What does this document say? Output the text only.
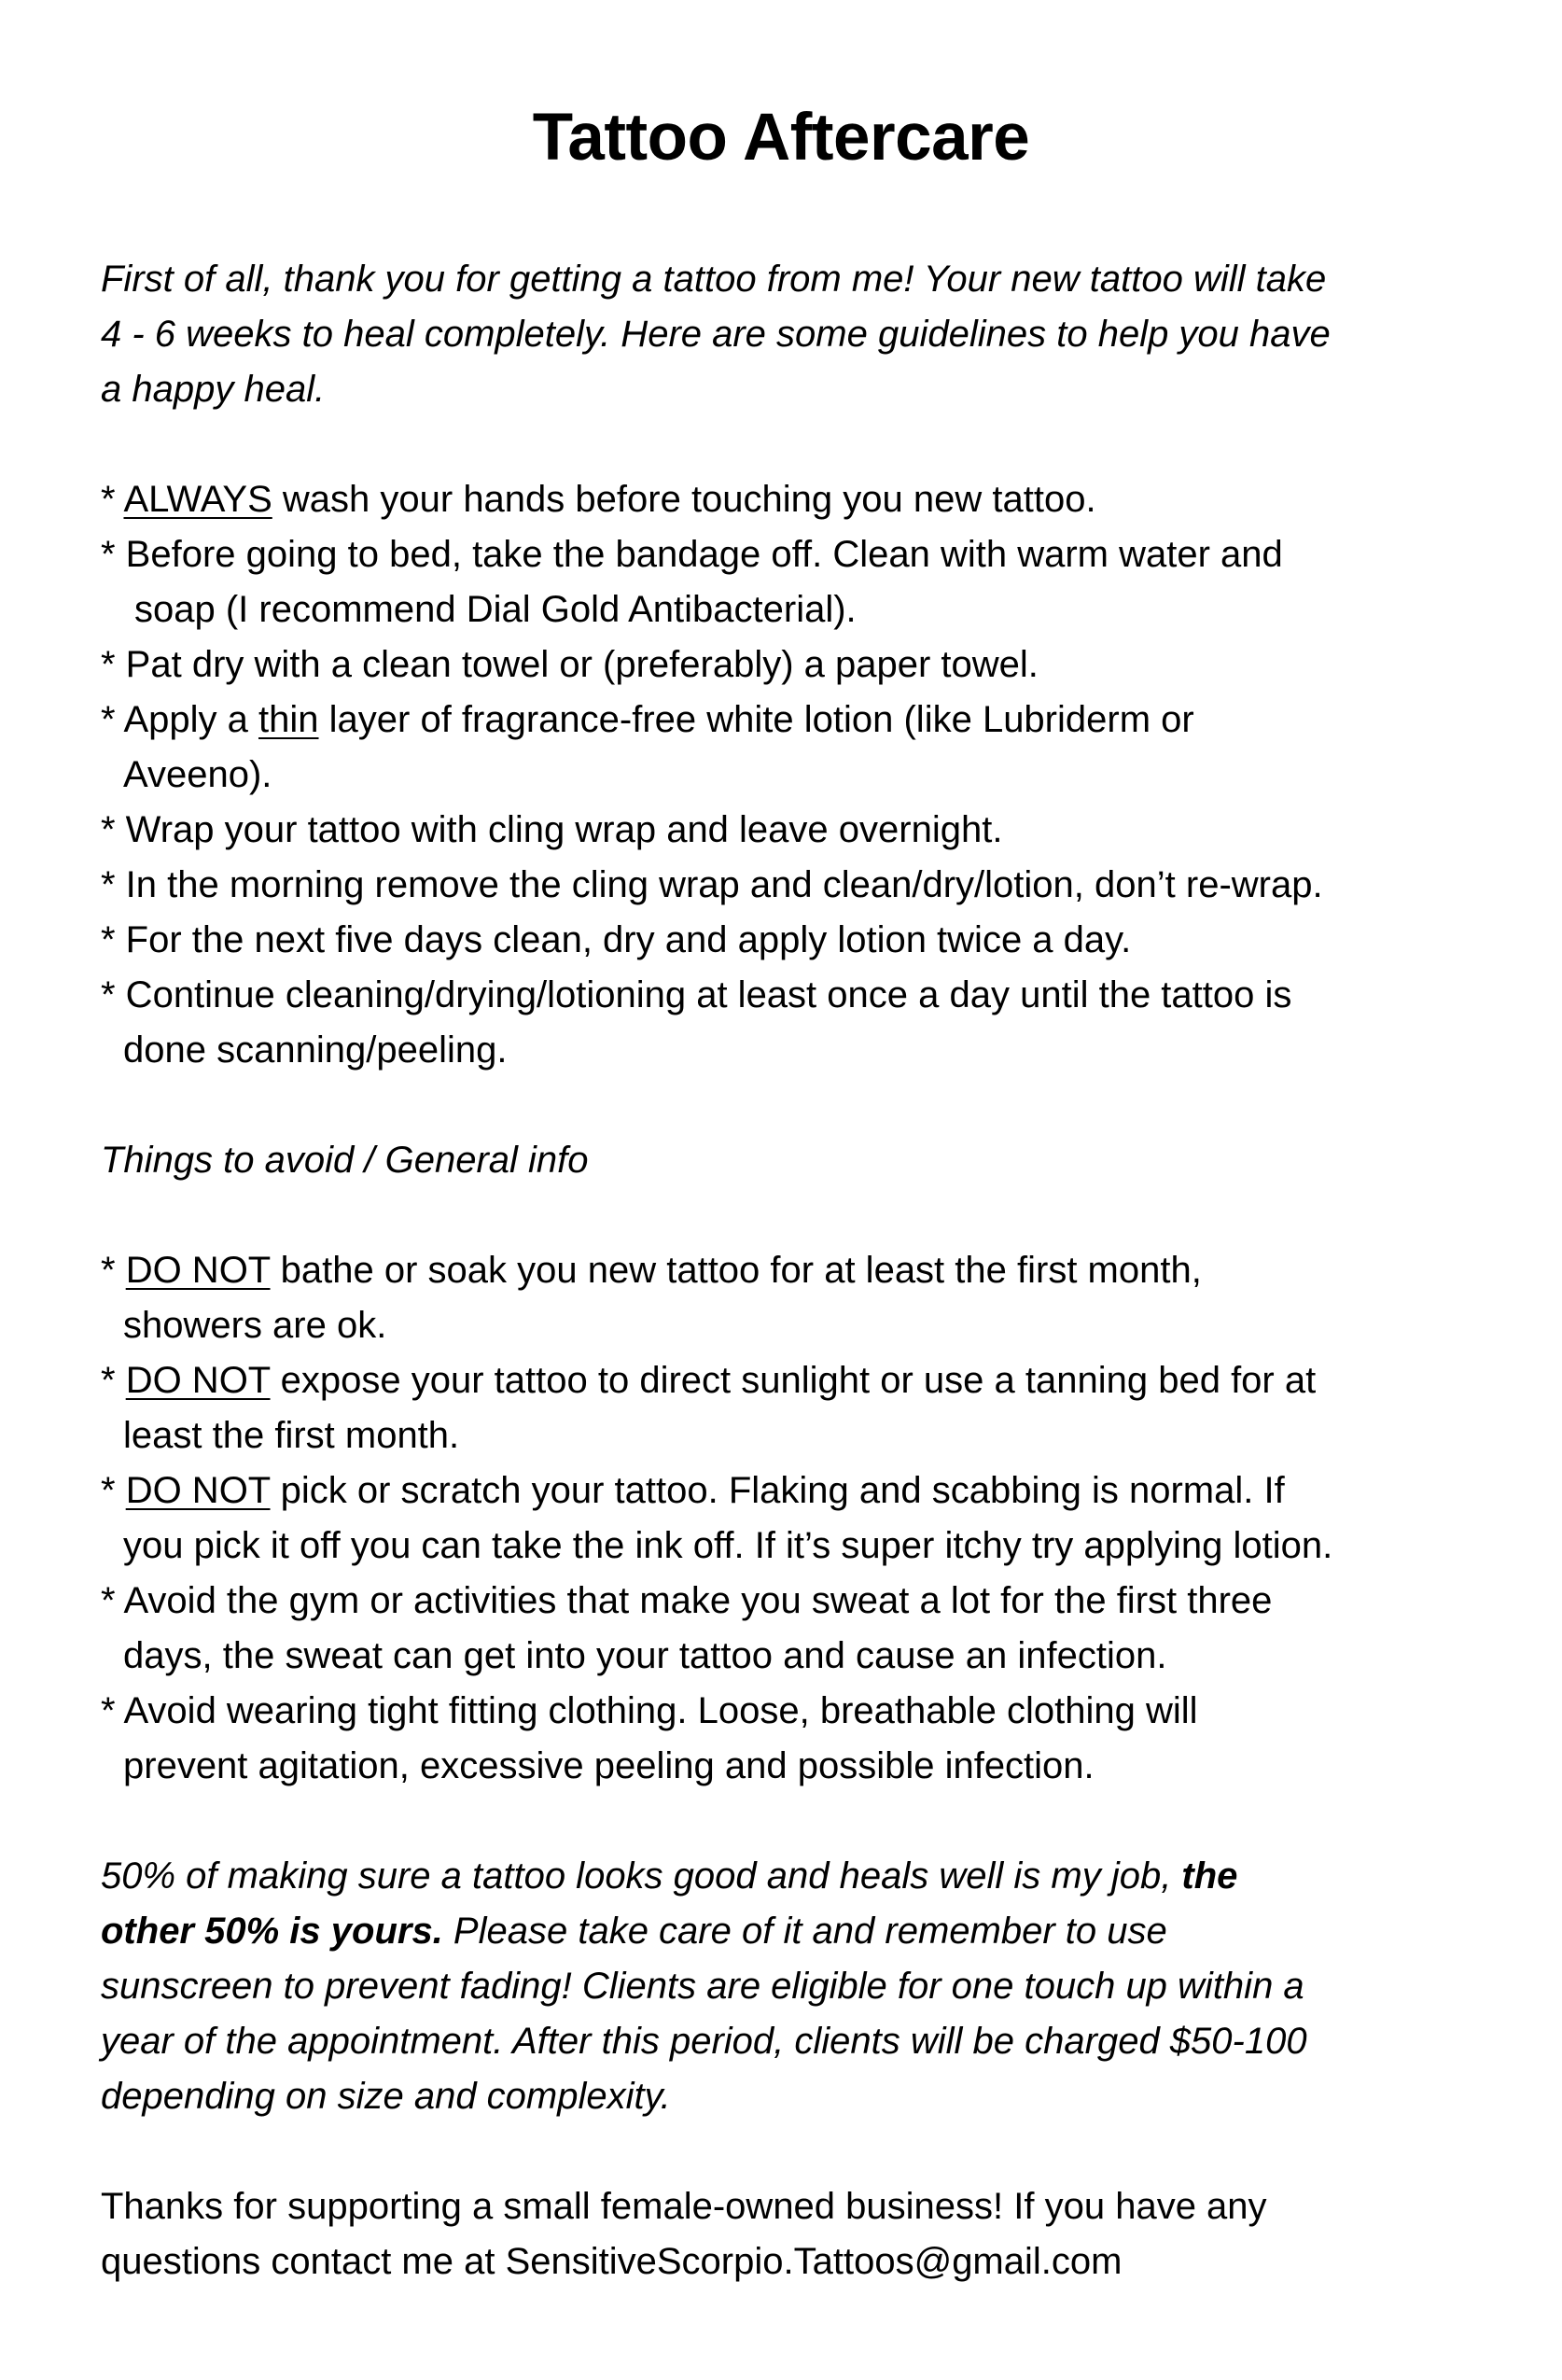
Tattoo Aftercare
First of all, thank you for getting a tattoo from me! Your new tattoo will take
4 - 6 weeks to heal completely. Here are some guidelines to help you have
a happy heal.
* ALWAYS wash your hands before touching you new tattoo.
* Before going to bed, take the bandage off. Clean with warm water and
soap (I recommend Dial Gold Antibacterial).
* Pat dry with a clean towel or (preferably) a paper towel.
* Apply a thin layer of fragrance-free white lotion (like Lubriderm or
Aveeno).
* Wrap your tattoo with cling wrap and leave overnight.
* In the morning remove the cling wrap and clean/dry/lotion, don’t re-wrap.
* For the next five days clean, dry and apply lotion twice a day.
* Continue cleaning/drying/lotioning at least once a day until the tattoo is
done scanning/peeling.
Things to avoid / General info
* DO NOT bathe or soak you new tattoo for at least the first month,
showers are ok.
* DO NOT expose your tattoo to direct sunlight or use a tanning bed for at
least the first month.
* DO NOT pick or scratch your tattoo. Flaking and scabbing is normal. If
you pick it off you can take the ink off. If it’s super itchy try applying lotion.
* Avoid the gym or activities that make you sweat a lot for the first three
days, the sweat can get into your tattoo and cause an infection.
* Avoid wearing tight fitting clothing. Loose, breathable clothing will
prevent agitation, excessive peeling and possible infection.
50% of making sure a tattoo looks good and heals well is my job, the
other 50% is yours. Please take care of it and remember to use
sunscreen to prevent fading! Clients are eligible for one touch up within a
year of the appointment. After this period, clients will be charged $50-100
depending on size and complexity.
Thanks for supporting a small female-owned business! If you have any
questions contact me at SensitiveScorpio.Tattoos@gmail.com
